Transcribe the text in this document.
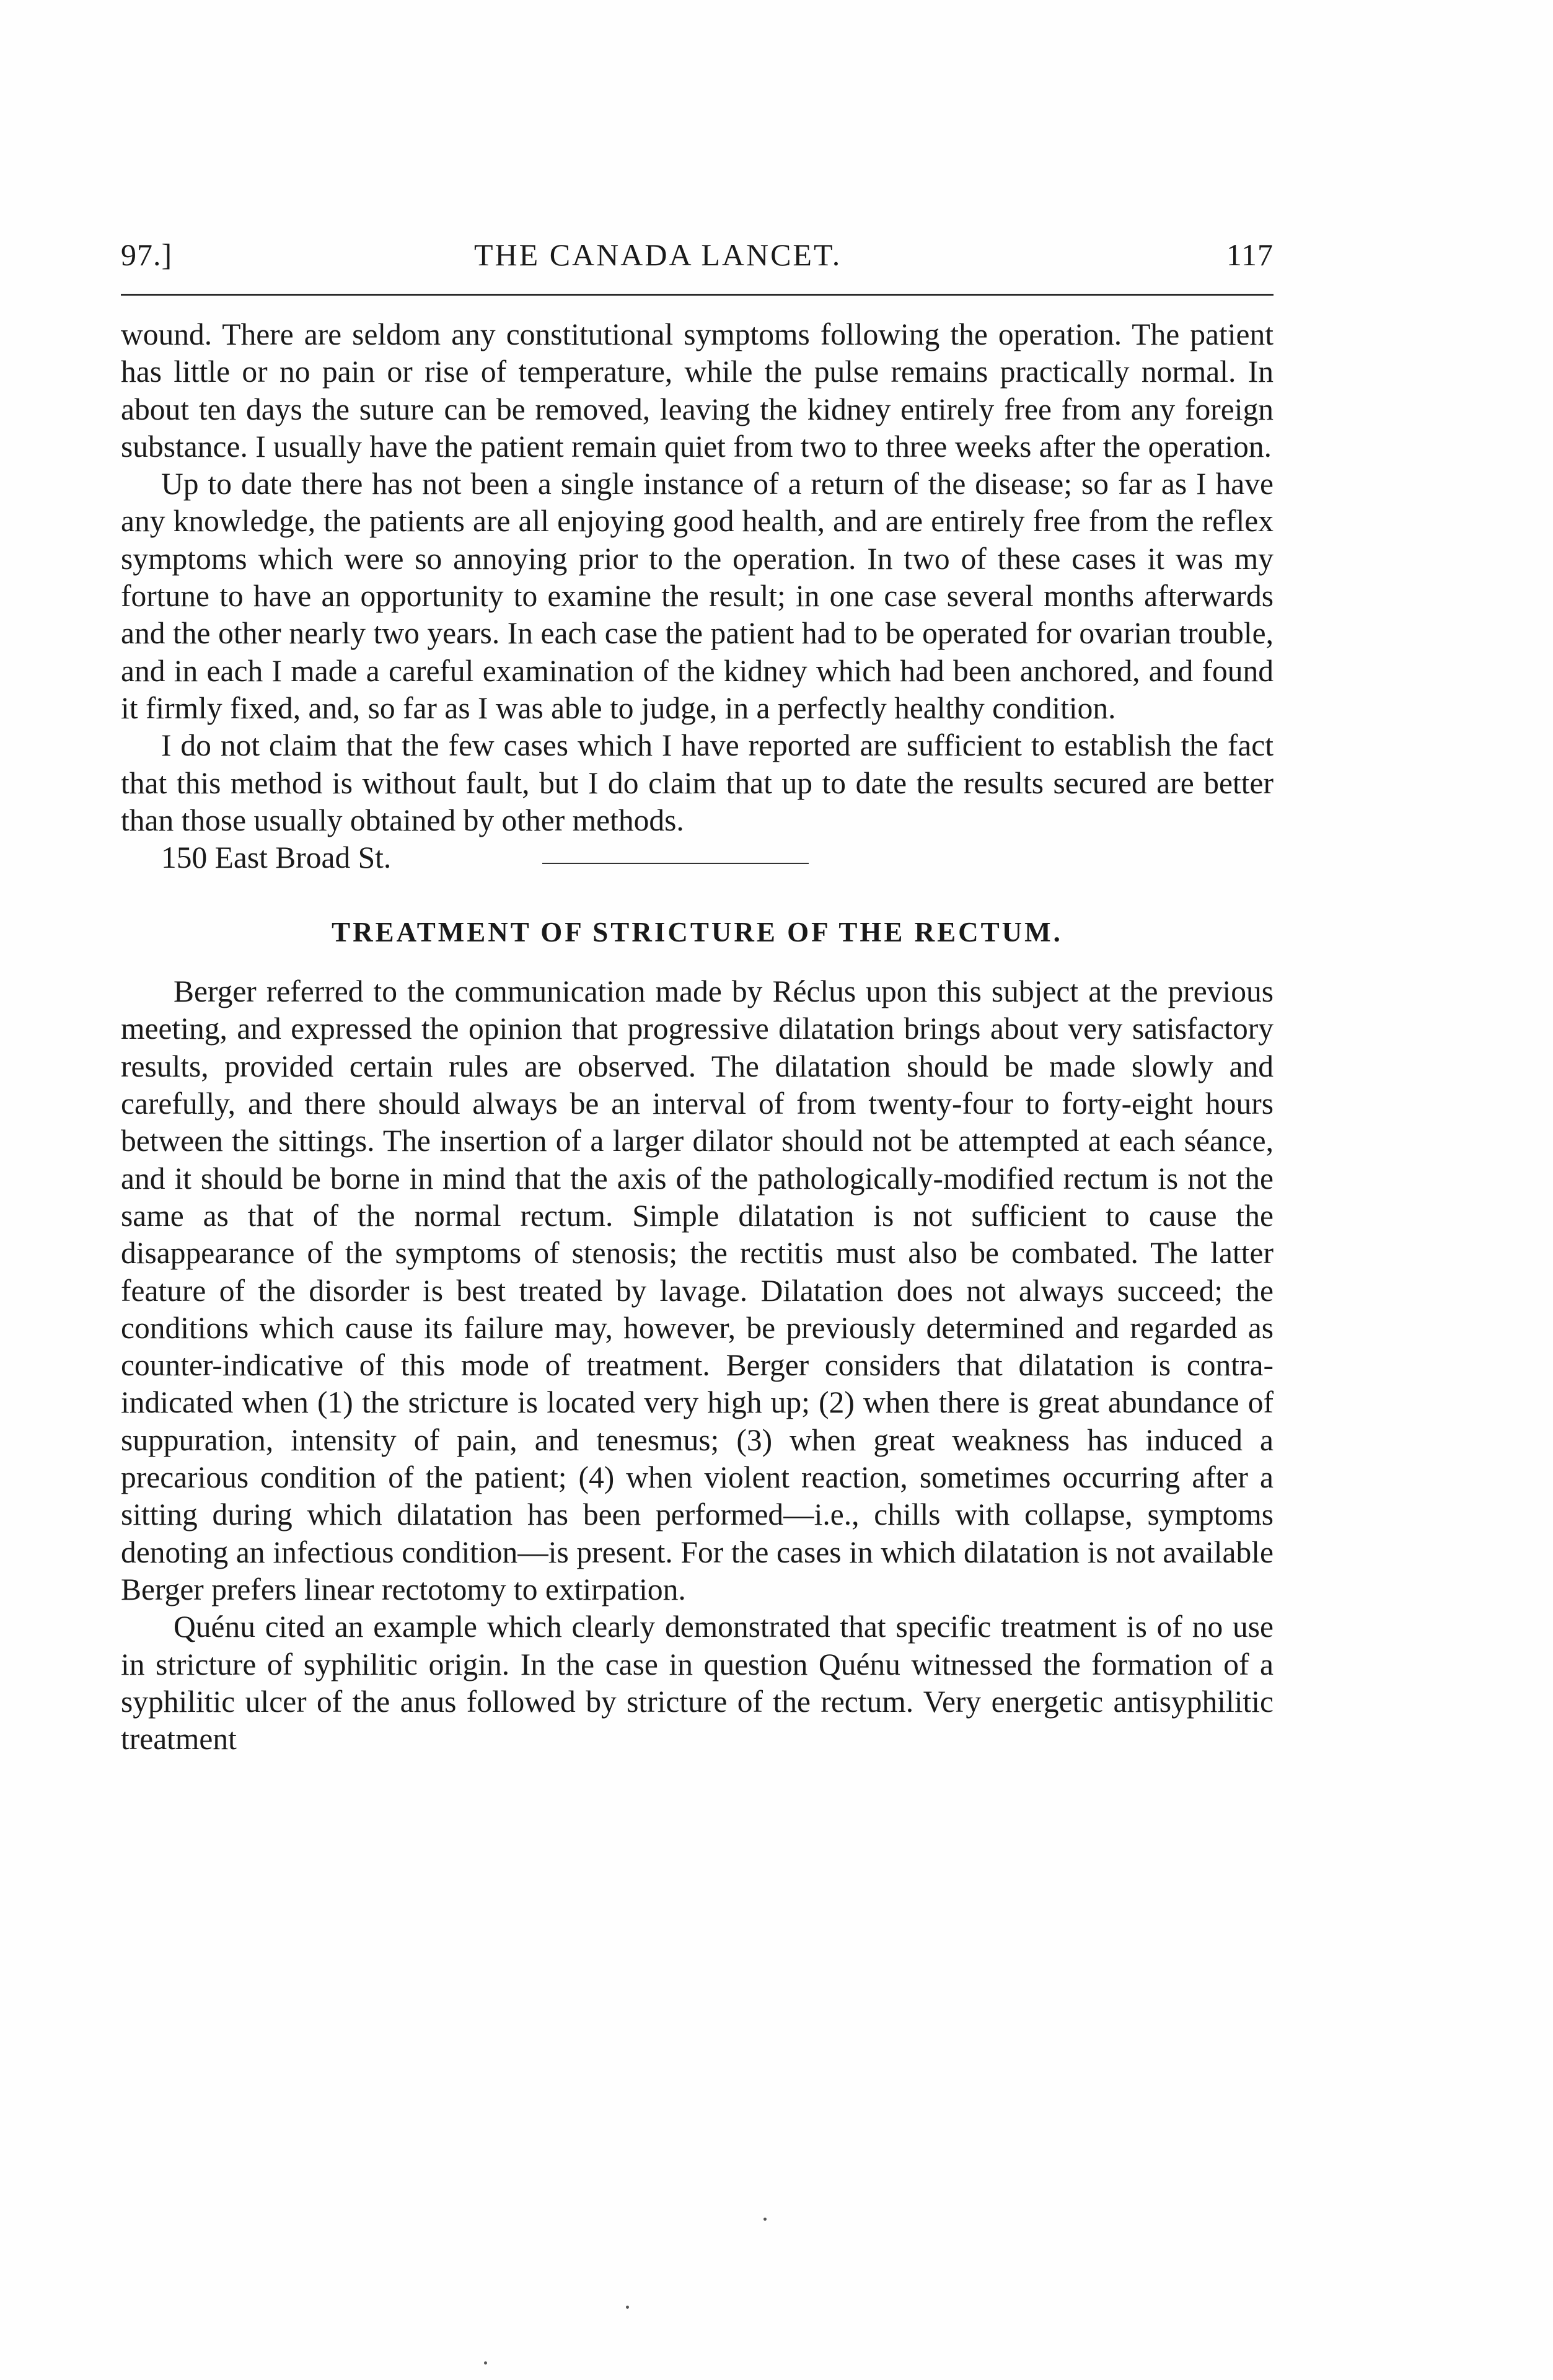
97.]	THE CANADA LANCET.	117

wound. There are seldom any constitutional symptoms following the operation. The patient has little or no pain or rise of temperature, while the pulse remains practically normal. In about ten days the suture can be removed, leaving the kidney entirely free from any foreign substance. I usually have the patient remain quiet from two to three weeks after the operation.

Up to date there has not been a single instance of a return of the disease; so far as I have any knowledge, the patients are all enjoying good health, and are entirely free from the reflex symptoms which were so annoying prior to the operation. In two of these cases it was my fortune to have an opportunity to examine the result; in one case several months afterwards and the other nearly two years. In each case the patient had to be operated for ovarian trouble, and in each I made a careful examination of the kidney which had been anchored, and found it firmly fixed, and, so far as I was able to judge, in a perfectly healthy condition.

I do not claim that the few cases which I have reported are sufficient to establish the fact that this method is without fault, but I do claim that up to date the results secured are better than those usually obtained by other methods.

150 East Broad St.

TREATMENT OF STRICTURE OF THE RECTUM.

Berger referred to the communication made by Réclus upon this subject at the previous meeting, and expressed the opinion that progressive dilatation brings about very satisfactory results, provided certain rules are observed. The dilatation should be made slowly and carefully, and there should always be an interval of from twenty-four to forty-eight hours between the sittings. The insertion of a larger dilator should not be attempted at each séance, and it should be borne in mind that the axis of the pathologically-modified rectum is not the same as that of the normal rectum. Simple dilatation is not sufficient to cause the disappearance of the symptoms of stenosis; the rectitis must also be combated. The latter feature of the disorder is best treated by lavage. Dilatation does not always succeed; the conditions which cause its failure may, however, be previously determined and regarded as counter-indicative of this mode of treatment. Berger considers that dilatation is contra-indicated when (1) the stricture is located very high up; (2) when there is great abundance of suppuration, intensity of pain, and tenesmus; (3) when great weakness has induced a precarious condition of the patient; (4) when violent reaction, sometimes occurring after a sitting during which dilatation has been performed—i.e., chills with collapse, symptoms denoting an infectious condition—is present. For the cases in which dilatation is not available Berger prefers linear rectotomy to extirpation.

Quénu cited an example which clearly demonstrated that specific treatment is of no use in stricture of syphilitic origin. In the case in question Quénu witnessed the formation of a syphilitic ulcer of the anus followed by stricture of the rectum. Very energetic antisyphilitic treatment
